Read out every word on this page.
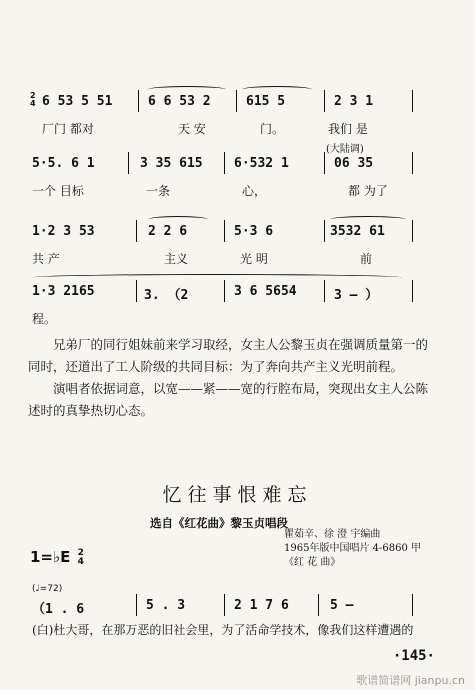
2
4 6 53 5 51	6 6 53 2	615 5	2 3 1
厂门 都对	天 安	门。	我们 是
(大陆调)
5·5. 6 1	3 35 615 6·532 1	06 35
一个 目标	一条	心，	都 为了
1·2 3 53	2 2 6	5·3 6	3532 61
共 产	主义	光 明	前
1·3 2165	3. （2	3 6 5654	3 – ）
程。

兄弟厂的同行姐妹前来学习取经，女主人公黎玉贞在强调质量第一的同时，还道出了工人阶级的共同目标：为了奔向共产主义光明前程。

演唱者依据词意，以宽——紧——宽的行腔布局，突现出女主人公陈述时的真挚热切心态。

忆往事恨难忘
选自《红花曲》黎玉贞唱段
1=♭E 2
4
瞿茹辛、徐 澄 宇编曲
1965年版中国唱片 4-6860 甲
《红 花 曲》
(♩=72)
（1 . 6	5 . 3	2 1 7 6	5 –
(白)杜大哥，在那万恶的旧社会里，为了活命学技术，像我们这样遭遇的
·145·
歌谱简谱网 jianpu.cn
